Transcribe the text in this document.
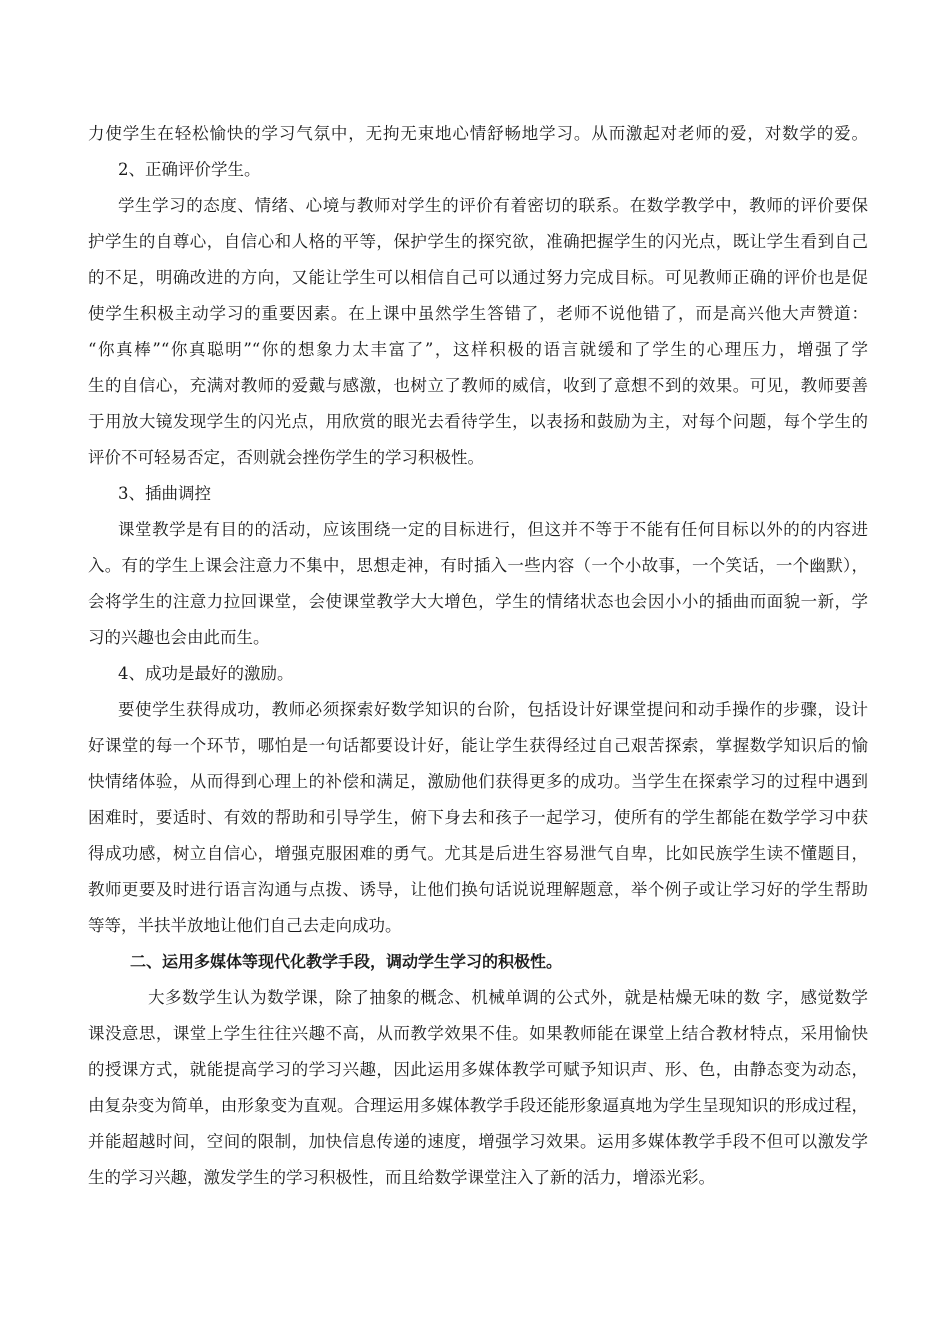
力使学生在轻松愉快的学习气氛中，无拘无束地心情舒畅地学习。从而激起对老师的爱，对数学的爱。
2、正确评价学生。
学生学习的态度、情绪、心境与教师对学生的评价有着密切的联系。在数学教学中，教师的评价要保
护学生的自尊心，自信心和人格的平等，保护学生的探究欲，准确把握学生的闪光点，既让学生看到自己
的不足，明确改进的方向，又能让学生可以相信自己可以通过努力完成目标。可见教师正确的评价也是促
使学生积极主动学习的重要因素。在上课中虽然学生答错了，老师不说他错了，而是高兴他大声赞道：
“你真棒”“你真聪明”“你的想象力太丰富了”，这样积极的语言就缓和了学生的心理压力，增强了学
生的自信心，充满对教师的爱戴与感激，也树立了教师的威信，收到了意想不到的效果。可见，教师要善
于用放大镜发现学生的闪光点，用欣赏的眼光去看待学生，以表扬和鼓励为主，对每个问题，每个学生的
评价不可轻易否定，否则就会挫伤学生的学习积极性。
3、插曲调控
课堂教学是有目的的活动，应该围绕一定的目标进行，但这并不等于不能有任何目标以外的的内容进
入。有的学生上课会注意力不集中，思想走神，有时插入一些内容（一个小故事，一个笑话，一个幽默），
会将学生的注意力拉回课堂，会使课堂教学大大增色，学生的情绪状态也会因小小的插曲而面貌一新，学
习的兴趣也会由此而生。
4、成功是最好的激励。
要使学生获得成功，教师必须探索好数学知识的台阶，包括设计好课堂提问和动手操作的步骤，设计
好课堂的每一个环节，哪怕是一句话都要设计好，能让学生获得经过自己艰苦探索，掌握数学知识后的愉
快情绪体验，从而得到心理上的补偿和满足，激励他们获得更多的成功。当学生在探索学习的过程中遇到
困难时，要适时、有效的帮助和引导学生，俯下身去和孩子一起学习，使所有的学生都能在数学学习中获
得成功感，树立自信心，增强克服困难的勇气。尤其是后进生容易泄气自卑，比如民族学生读不懂题目，
教师更要及时进行语言沟通与点拨、诱导，让他们换句话说说理解题意，举个例子或让学习好的学生帮助
等等，半扶半放地让他们自己去走向成功。
二、运用多媒体等现代化教学手段，调动学生学习的积极性。
大多数学生认为数学课，除了抽象的概念、机械单调的公式外，就是枯燥无味的数 字，感觉数学
课没意思，课堂上学生往往兴趣不高，从而教学效果不佳。如果教师能在课堂上结合教材特点，采用愉快
的授课方式，就能提高学习的学习兴趣，因此运用多媒体教学可赋予知识声、形、色，由静态变为动态，
由复杂变为简单，由形象变为直观。合理运用多媒体教学手段还能形象逼真地为学生呈现知识的形成过程，
并能超越时间，空间的限制，加快信息传递的速度，增强学习效果。运用多媒体教学手段不但可以激发学
生的学习兴趣，激发学生的学习积极性，而且给数学课堂注入了新的活力，增添光彩。
